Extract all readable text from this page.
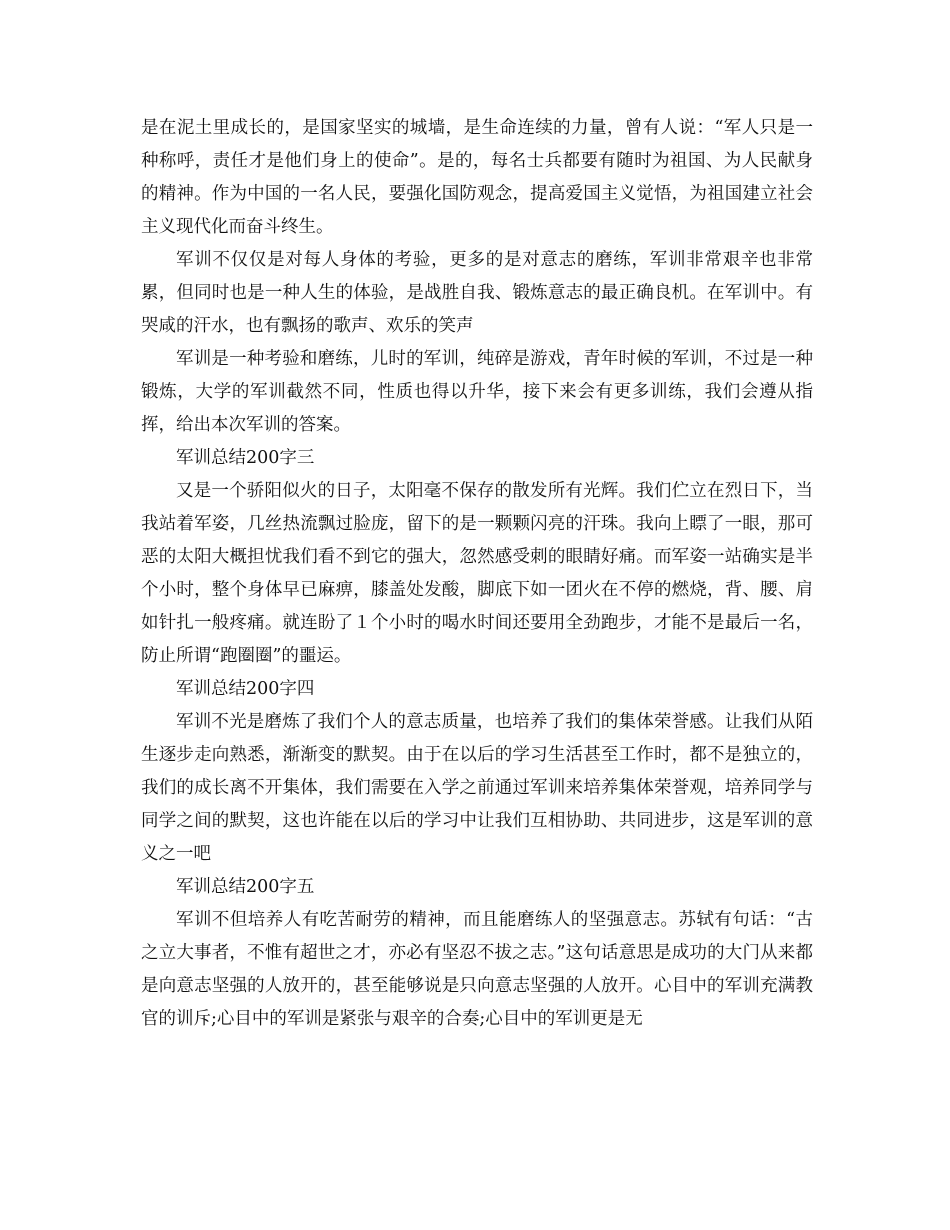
是在泥土里成长的，是国家坚实的城墙，是生命连续的力量，曾有人说：“军人只是一种称呼，责任才是他们身上的使命”。是的，每名士兵都要有随时为祖国、为人民献身的精神。作为中国的一名人民，要强化国防观念，提高爱国主义觉悟，为祖国建立社会主义现代化而奋斗终生。

军训不仅仅是对每人身体的考验，更多的是对意志的磨练，军训非常艰辛也非常累，但同时也是一种人生的体验，是战胜自我、锻炼意志的最正确良机。在军训中。有哭咸的汗水，也有飘扬的歌声、欢乐的笑声

军训是一种考验和磨练，儿时的军训，纯碎是游戏，青年时候的军训，不过是一种锻炼，大学的军训截然不同，性质也得以升华，接下来会有更多训练，我们会遵从指挥，给出本次军训的答案。

军训总结200字三

又是一个骄阳似火的日子，太阳毫不保存的散发所有光辉。我们伫立在烈日下，当我站着军姿，几丝热流飘过脸庞，留下的是一颗颗闪亮的汗珠。我向上瞟了一眼，那可恶的太阳大概担忧我们看不到它的强大，忽然感受刺的眼睛好痛。而军姿一站确实是半个小时，整个身体早已麻痹，膝盖处发酸，脚底下如一团火在不停的燃烧，背、腰、肩如针扎一般疼痛。就连盼了１个小时的喝水时间还要用全劲跑步，才能不是最后一名，防止所谓“跑圈圈”的噩运。

军训总结200字四

军训不光是磨炼了我们个人的意志质量，也培养了我们的集体荣誉感。让我们从陌生逐步走向熟悉，渐渐变的默契。由于在以后的学习生活甚至工作时，都不是独立的，我们的成长离不开集体，我们需要在入学之前通过军训来培养集体荣誉观，培养同学与同学之间的默契，这也许能在以后的学习中让我们互相协助、共同进步，这是军训的意义之一吧

军训总结200字五

军训不但培养人有吃苦耐劳的精神，而且能磨练人的坚强意志。苏轼有句话：“古之立大事者，不惟有超世之才，亦必有坚忍不拔之志。”这句话意思是成功的大门从来都是向意志坚强的人放开的，甚至能够说是只向意志坚强的人放开。心目中的军训充满教官的训斥;心目中的军训是紧张与艰辛的合奏;心目中的军训更是无
